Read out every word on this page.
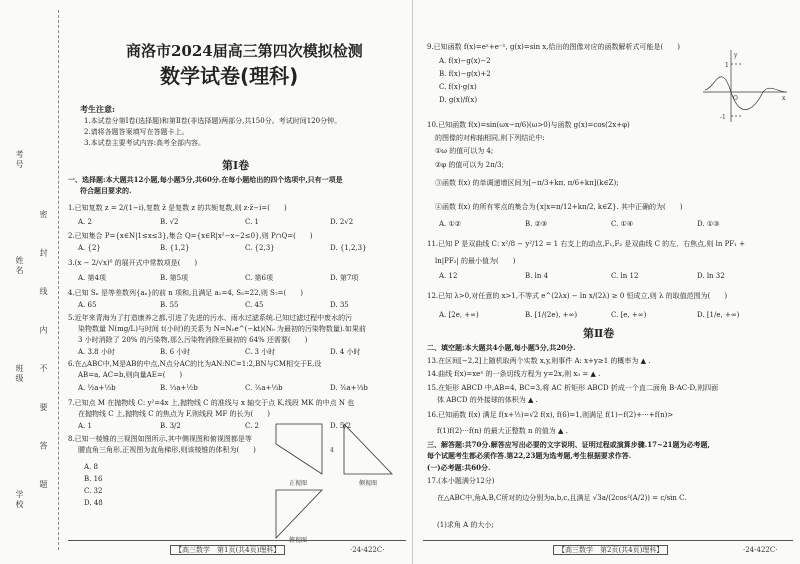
考号
姓名
班级
学校 密 封 线 内 不 要 答 题
商洛市2024届高三第四次模拟检测
数学试卷(理科)
考生注意:
1.本试卷分第Ⅰ卷(选择题)和第Ⅱ卷(非选择题)两部分,共150分。考试时间120分钟。
2.请将各题答案填写在答题卡上。
3.本试卷主要考试内容:高考全部内容。
第Ⅰ卷
一、选择题:本大题共12小题,每小题5分,共60分.在每小题给出的四个选项中,只有一项是
符合题目要求的.
1.已知复数 z = 2/(1−i),复数 z̄ 是复数 z 的共轭复数,则 z·z̄−i=(　　)
A. 2	B. √2	C. 1	D. 2√2
2.已知集合 P={x∈N|1≤x≤3},集合 Q={x∈R|x²−x−2≤0},则 P∩Q=(　　)
A. {2}	B. {1,2}	C. {2,3}	D. {1,2,3}
3.(x − 2/√x)⁶ 的展开式中常数项是(　　)
A. 第4项	B. 第5项	C. 第6项	D. 第7项
4.已知 Sₙ 是等差数列{aₙ}的前 n 项和,且满足 a₁=4, S₅=22,则 S₇=(　　)
A. 65	B. 55	C. 45	D. 35
5.近年来青海为了打造康养之都,引进了先进的污水、雨水过滤系统.已知过滤过程中废水的污
染物数量 N(mg/L)与时间 t(小时)的关系为 N=N₀e^(−kt)(N₀ 为最初的污染物数量).如果前
3 小时消除了 20% 的污染物,那么污染物消除至最初的 64% 还需要(　　)
A. 3.8 小时	B. 6 小时	C. 3 小时	D. 4 小时
6.在△ABC中,M是AB的中点,N点分AC的比为AN:NC=1:2,BN与CM相交于E,设
AB=a, AC=b,则向量AE=(　　)
A. ½a+⅓b	B. ⅓a+½b	C. ⅖a+⅓b	D. ⅗a+⅓b
7.已知点 M 在抛物线 C: y²=4x 上,抛物线 C 的准线与 x 轴交于点 K,线段 MK 的中点 N 也
在抛物线 C 上,抛物线 C 的焦点为 F,则线段 MF 的长为(　　)
A. 1	B. 3/2	C. 2	D. 5/2
8.已知一棱锥的三视图如图所示,其中侧视图和俯视图都是等
腰直角三角形,正视图为直角梯形,则该棱锥的体积为(　　)
A. 8
B. 16
C. 32
D. 48
正视图	侧视图
俯视图
4
【高三数学　第1页(共4页)理科】	·24-422C·
9.已知函数 f(x)=eˣ+e⁻ˣ, g(x)=sin x,给出的图像对应的函数解析式可能是(　　)
A. f(x)−g(x)−2
B. f(x)−g(x)+2
C. f(x)·g(x)
D. g(x)/f(x)
y
x
O
1
-1
10.已知函数 f(x)=sin(ωx−π/6)(ω>0)与函数 g(x)=cos(2x+φ)
的图像的对称轴相同,则下列结论中:
①ω 的值可以为 4;
②φ 的值可以为 2π/3;
③函数 f(x) 的单调递增区间为[−π/3+kπ, π/6+kπ](k∈Z);
④函数 f(x) 的所有零点的集合为{x|x=π/12+kπ/2, k∈Z}. 其中正确的为(　　)
A. ①②	B. ②③	C. ①④	D. ①③
11.已知 P 是双曲线 C: x²/8 − y²/12 = 1 右支上的动点,F₁,F₂ 是双曲线 C 的左、右焦点,则 ln PF₁ +
ln|PF₂| 的最小值为(　　)
A. 12	B. ln 4	C. ln 12	D. ln 32
12.已知 λ>0,对任意的 x>1,不等式 e^(2λx) − ln x/(2λ) ≥ 0 恒成立,则 λ 的取值范围为(　　)
A. [2e, +∞)	B. [1/(2e), +∞)	C. [e, +∞)	D. [1/e, +∞)
第Ⅱ卷
二、填空题:本大题共4小题,每小题5分,共20分.
13.在区间[−2,2]上随机取两个实数 x,y,则事件 A: x+y≥1 的概率为 ▲ .
14.曲线 f(x)=xeˣ 的一条切线方程为 y=2x,则 x₀ = ▲ .
15.在矩形 ABCD 中,AB=4, BC=3,将 AC 析矩形 ABCD 折成一个直二面角 B-AC-D,则四面
体 ABCD 的外接球的体积为 ▲ .
16.已知函数 f(x) 满足 f(x+½)=√2 f(x), f(6)=1,则满足 f(1)−f(2)+⋯+f(n)>
f(1)f(2)⋯f(n) 的最大正整数 n 的值为 ▲ .
三、解答题:共70分.解答应写出必要的文字说明、证明过程或演算步骤.17~21题为必考题,
每个试题考生都必须作答.第22,23题为选考题,考生根据要求作答.
(一)必考题:共60分.
17.(本小题满分12分)
在△ABC中,角A,B,C所对的边分别为a,b,c,且满足 √3a/(2cos²(A/2)) = c/sin C.
(1)求角 A 的大小;
【高三数学　第2页(共4页)理科】	·24-422C·
